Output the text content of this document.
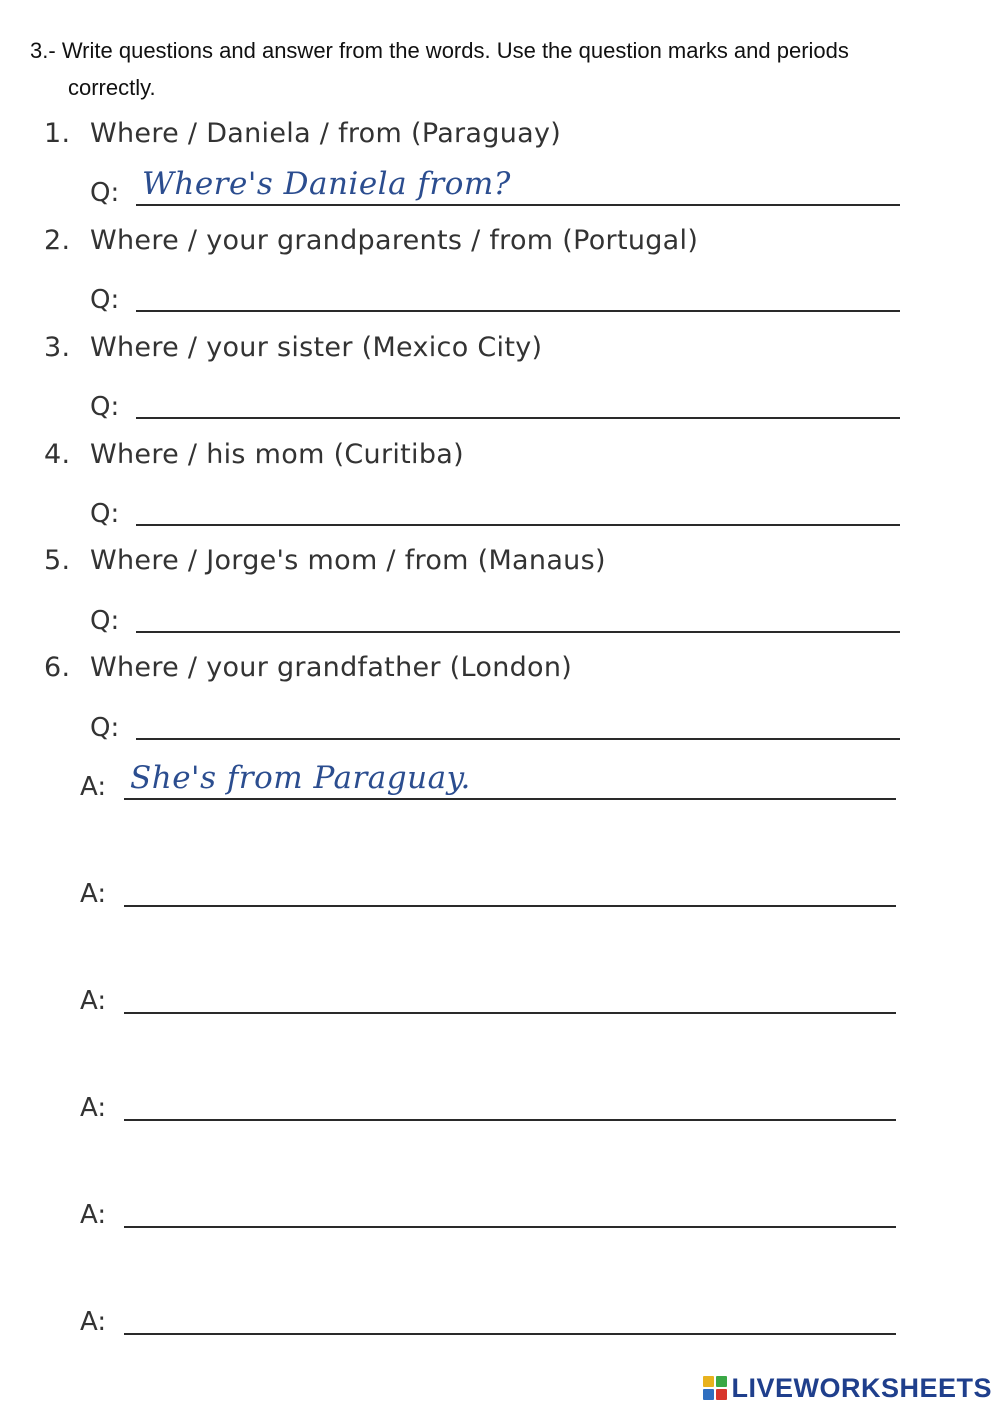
3.- Write questions and answer from the words. Use the question marks and periods
correctly.
1. Where / Daniela / from (Paraguay)
Q: Where's Daniela from?
2. Where / your grandparents / from (Portugal)
Q:
3. Where / your sister (Mexico City)
Q:
4. Where / his mom (Curitiba)
Q:
5. Where / Jorge's mom / from (Manaus)
Q:
6. Where / your grandfather (London)
Q:
A: She's from Paraguay.
A:
A:
A:
A:
A:
LIVEWORKSHEETS
